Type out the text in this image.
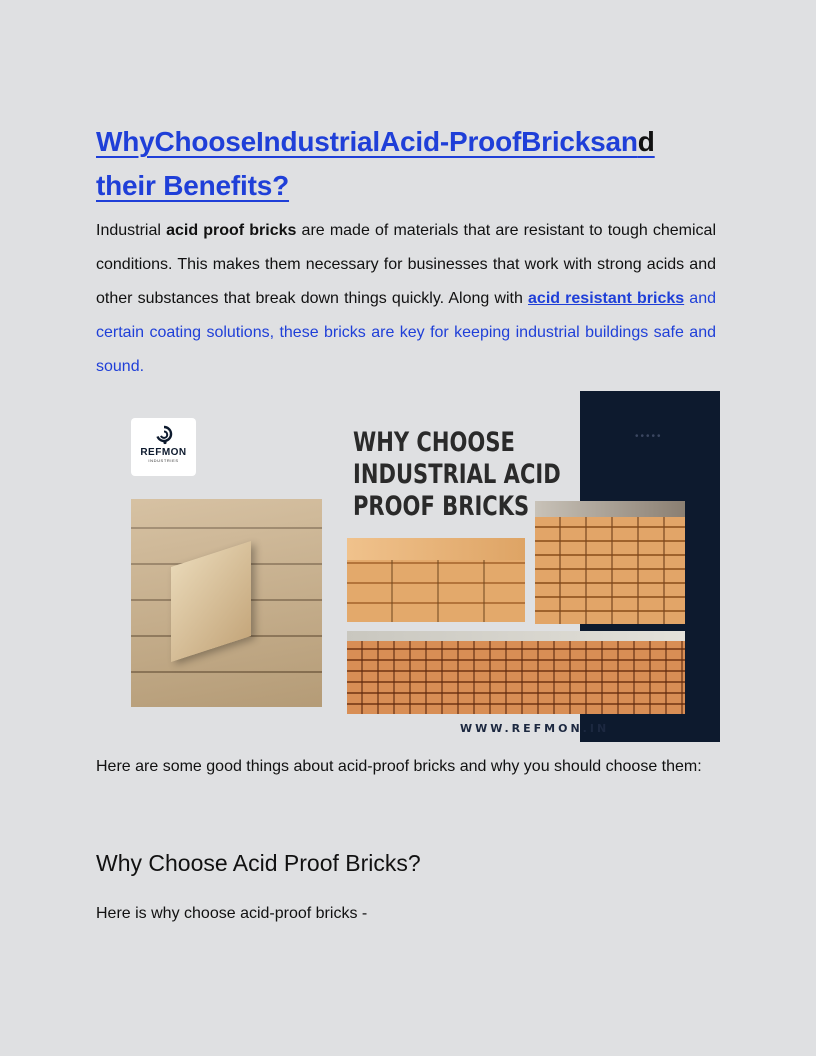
WhyChooseIndustrialAcid-ProofBricksand
their Benefits?

Industrial acid proof bricks are made of materials that are resistant to tough chemical conditions. This makes them necessary for businesses that work with strong acids and other substances that break down things quickly. Along with acid resistant bricks and certain coating solutions, these bricks are key for keeping industrial buildings safe and sound.

•••••
REFMON
INDUSTRIES
WHY CHOOSE
INDUSTRIAL ACID
PROOF BRICKS
WWW.REFMON.IN

Here are some good things about acid-proof bricks and why you should choose them:

Why Choose Acid Proof Bricks?

Here is why choose acid-proof bricks -
